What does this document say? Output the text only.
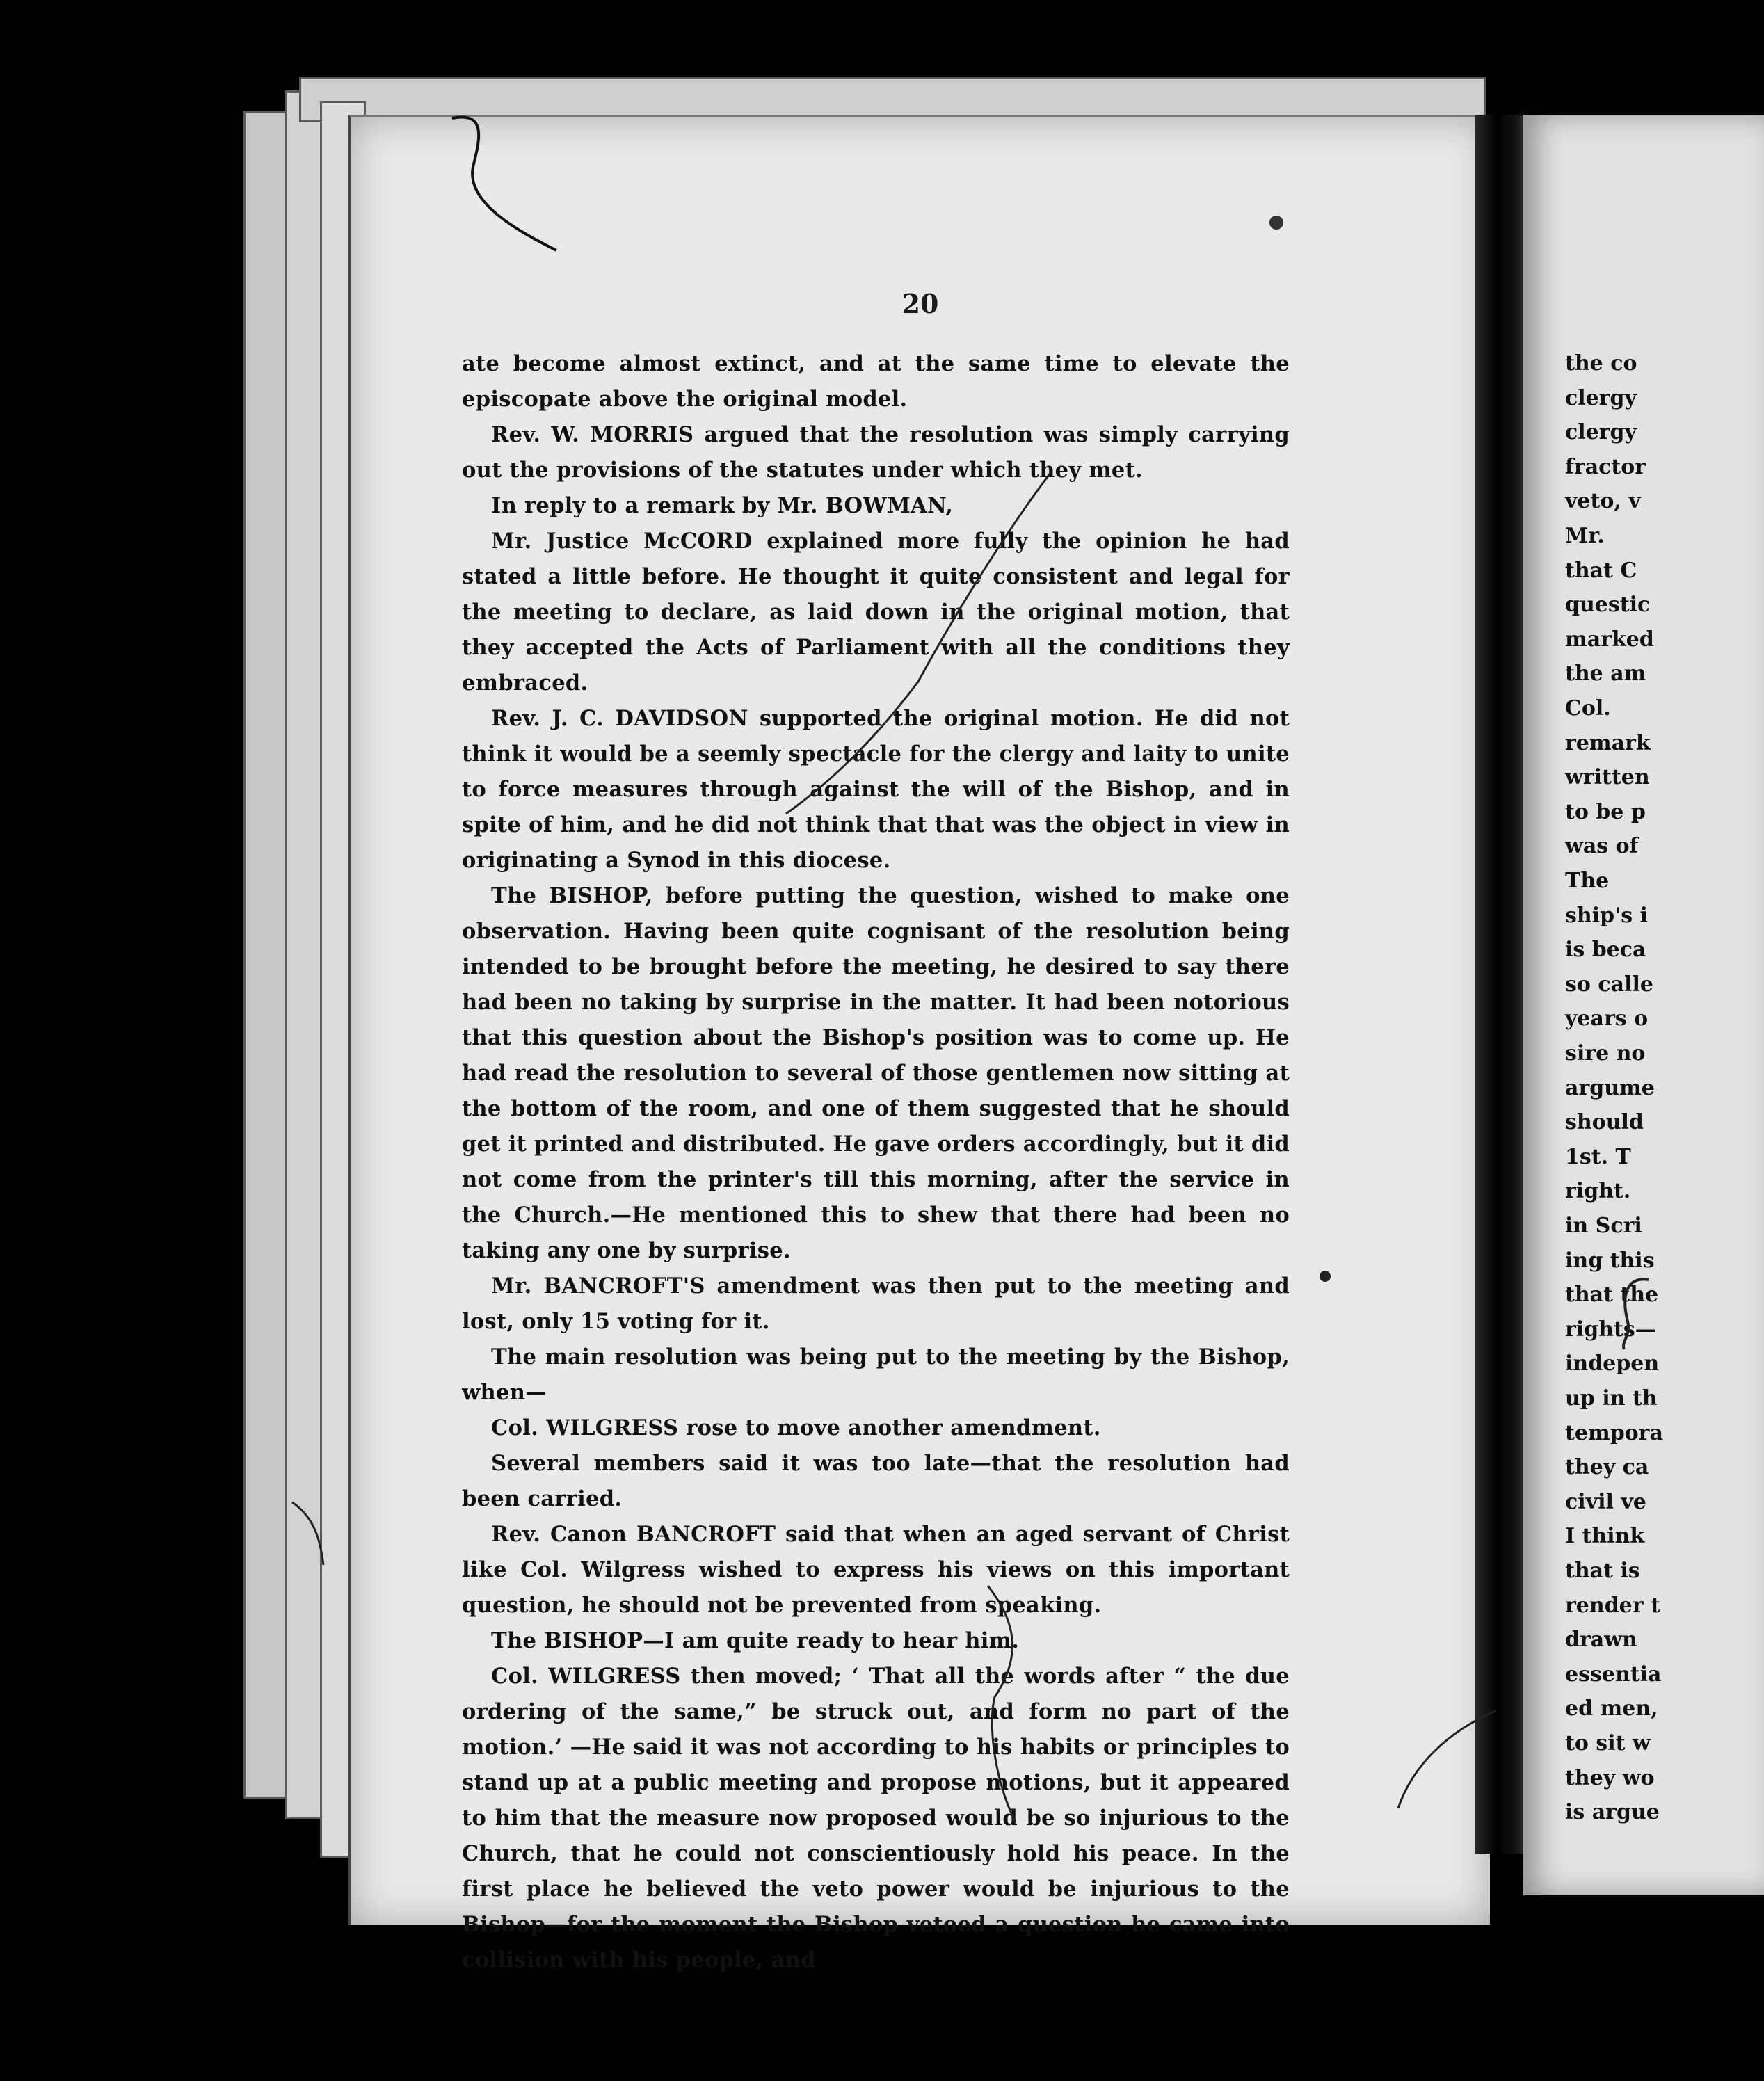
20

ate become almost extinct, and at the same time to elevate the episcopate above the original model.

Rev. W. MORRIS argued that the resolution was simply carrying out the provisions of the statutes under which they met.

In reply to a remark by Mr. BOWMAN,

Mr. Justice McCORD explained more fully the opinion he had stated a little before. He thought it quite consistent and legal for the meeting to declare, as laid down in the original motion, that they accepted the Acts of Parliament with all the conditions they embraced.

Rev. J. C. DAVIDSON supported the original motion. He did not think it would be a seemly spectacle for the clergy and laity to unite to force measures through against the will of the Bishop, and in spite of him, and he did not think that that was the object in view in originating a Synod in this diocese.

The BISHOP, before putting the question, wished to make one observation. Having been quite cognisant of the resolution being intended to be brought before the meeting, he desired to say there had been no taking by surprise in the matter. It had been notorious that this question about the Bishop's position was to come up. He had read the resolution to several of those gentlemen now sitting at the bottom of the room, and one of them suggested that he should get it printed and distributed. He gave orders accordingly, but it did not come from the printer's till this morning, after the service in the Church.—He mentioned this to shew that there had been no taking any one by surprise.

Mr. BANCROFT'S amendment was then put to the meeting and lost, only 15 voting for it.

The main resolution was being put to the meeting by the Bishop, when—

Col. WILGRESS rose to move another amendment.

Several members said it was too late—that the resolution had been carried.

Rev. Canon BANCROFT said that when an aged servant of Christ like Col. Wilgress wished to express his views on this important question, he should not be prevented from speaking.

The BISHOP—I am quite ready to hear him.

Col. WILGRESS then moved; ‘ That all the words after “ the due ordering of the same,” be struck out, and form no part of the motion.’ —He said it was not according to his habits or principles to stand up at a public meeting and propose motions, but it appeared to him that the measure now proposed would be so injurious to the Church, that he could not conscientiously hold his peace. In the first place he believed the veto power would be injurious to the Bishop—for the moment the Bishop vetoed a question he came into collision with his people, and

the co
clergy
clergy
fractor
veto, v
Mr.
that C
questic
marked
the am
Col.
remark
written
to be p
was of
The
ship's i
is beca
so calle
years o
sire no
argume
should
1st. T
right.
in Scri
ing this
that the
rights—
indepen
up in th
tempora
they ca
civil ve
I think
that is
render t
drawn
essentia
ed men,
to sit w
they wo
is argue
